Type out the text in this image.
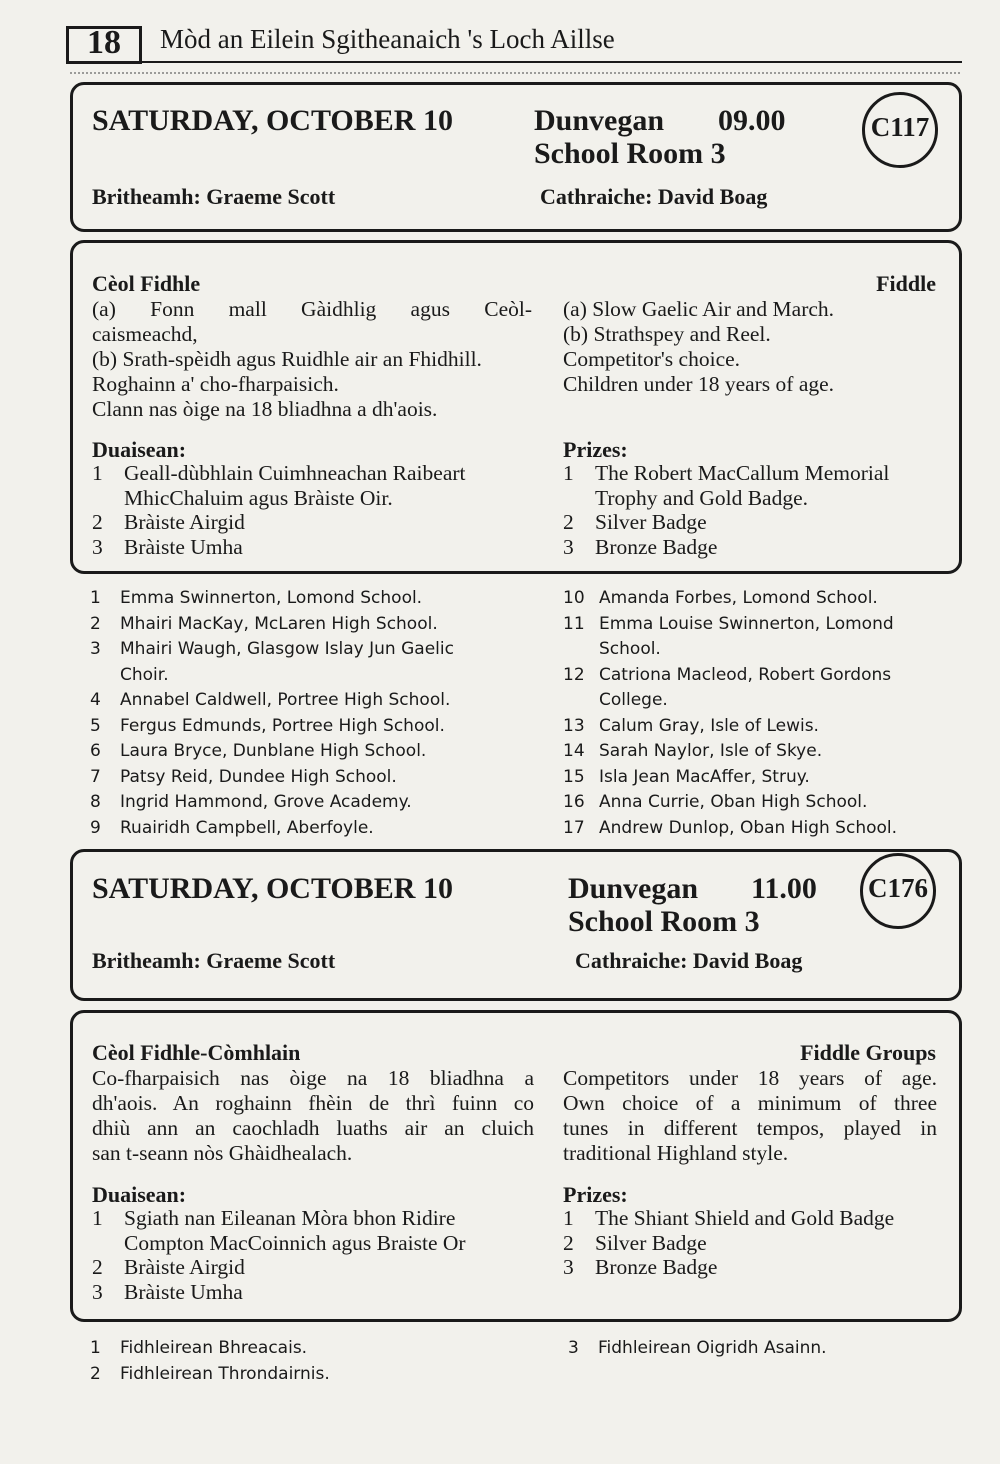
18	Mòd an Eilein Sgitheanaich 's Loch Aillse
SATURDAY, OCTOBER 10	Dunvegan 09.00
School Room 3
C117
Britheamh: Graeme Scott	Cathraiche: David Boag
Cèol Fidhle
(a) Fonn mall Gàidhlig agus Ceòl-
caismeachd,
(b) Srath-spèidh agus Ruidhle air an Fhidhill.
Roghainn a' cho-fharpaisich.
Clann nas òige na 18 bliadhna a dh'aois.
Duaisean:
1 Geall-dùbhlain Cuimhneachan Raibeart
MhicChaluim agus Bràiste Oir.
2 Bràiste Airgid
3 Bràiste Umha
Fiddle
(a) Slow Gaelic Air and March.
(b) Strathspey and Reel.
Competitor's choice.
Children under 18 years of age.
Prizes:
1 The Robert MacCallum Memorial
Trophy and Gold Badge.
2 Silver Badge
3 Bronze Badge
1	Emma Swinnerton, Lomond School.
2	Mhairi MacKay, McLaren High School.
3	Mhairi Waugh, Glasgow Islay Jun Gaelic
Choir.
4	Annabel Caldwell, Portree High School.
5	Fergus Edmunds, Portree High School.
6	Laura Bryce, Dunblane High School.
7	Patsy Reid, Dundee High School.
8	Ingrid Hammond, Grove Academy.
9	Ruairidh Campbell, Aberfoyle.
10 Amanda Forbes, Lomond School.
11 Emma Louise Swinnerton, Lomond
School.
12 Catriona Macleod, Robert Gordons
College.
13 Calum Gray, Isle of Lewis.
14 Sarah Naylor, Isle of Skye.
15 Isla Jean MacAffer, Struy.
16 Anna Currie, Oban High School.
17 Andrew Dunlop, Oban High School.
SATURDAY, OCTOBER 10	Dunvegan 11.00
School Room 3
C176
Britheamh: Graeme Scott	Cathraiche: David Boag
Cèol Fidhle-Còmhlain
Co-fharpaisich nas òige na 18 bliadhna a
dh'aois. An roghainn fhèin de thrì fuinn co
dhiù ann an caochladh luaths air an cluich
san t-seann nòs Ghàidhealach.
Duaisean:
1 Sgiath nan Eileanan Mòra bhon Ridire
Compton MacCoinnich agus Braiste Or
2 Bràiste Airgid
3 Bràiste Umha
Fiddle Groups
Competitors under 18 years of age.
Own choice of a minimum of three
tunes in different tempos, played in
traditional Highland style.
Prizes:
1 The Shiant Shield and Gold Badge
2 Silver Badge
3 Bronze Badge
1	Fidhleirean Bhreacais.
2	Fidhleirean Throndairnis.
3	Fidhleirean Oigridh Asainn.
